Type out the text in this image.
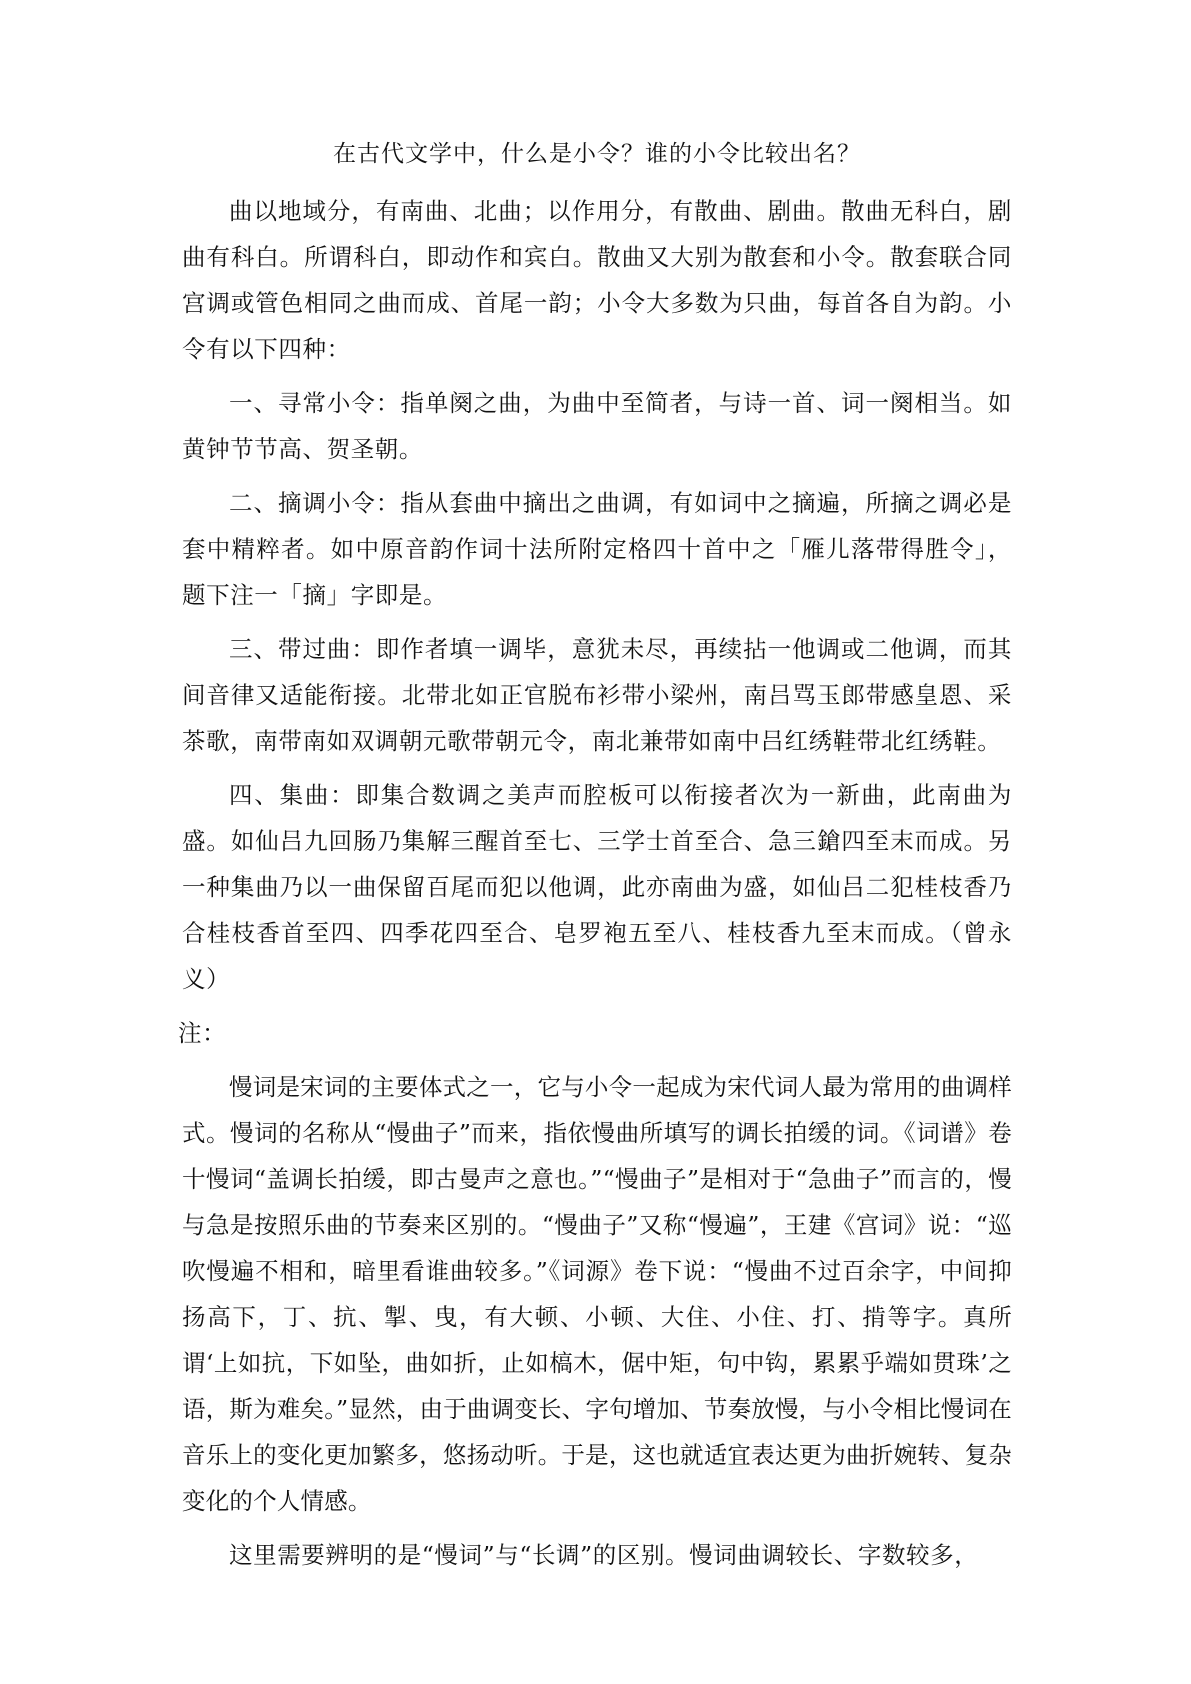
在古代文学中，什么是小令？谁的小令比较出名？

曲以地域分，有南曲、北曲；以作用分，有散曲、剧曲。散曲无科白，剧曲有科白。所谓科白，即动作和宾白。散曲又大别为散套和小令。散套联合同宫调或管色相同之曲而成、首尾一韵；小令大多数为只曲，每首各自为韵。小令有以下四种：

一、寻常小令：指单阕之曲，为曲中至简者，与诗一首、词一阕相当。如黄钟节节高、贺圣朝。

二、摘调小令：指从套曲中摘出之曲调，有如词中之摘遍，所摘之调必是套中精粹者。如中原音韵作词十法所附定格四十首中之「雁儿落带得胜令」，题下注一「摘」字即是。

三、带过曲：即作者填一调毕，意犹未尽，再续拈一他调或二他调，而其间音律又适能衔接。北带北如正官脱布衫带小梁州，南吕骂玉郎带感皇恩、采茶歌，南带南如双调朝元歌带朝元令，南北兼带如南中吕红绣鞋带北红绣鞋。

四、集曲：即集合数调之美声而腔板可以衔接者次为一新曲，此南曲为盛。如仙吕九回肠乃集解三醒首至七、三学士首至合、急三鎗四至末而成。另一种集曲乃以一曲保留百尾而犯以他调，此亦南曲为盛，如仙吕二犯桂枝香乃合桂枝香首至四、四季花四至合、皂罗袍五至八、桂枝香九至末而成。（曾永义）

注：

慢词是宋词的主要体式之一，它与小令一起成为宋代词人最为常用的曲调样式。慢词的名称从“慢曲子”而来，指依慢曲所填写的调长拍缓的词。《词谱》卷十慢词“盖调长拍缓，即古曼声之意也。”“慢曲子”是相对于“急曲子”而言的，慢与急是按照乐曲的节奏来区别的。“慢曲子”又称“慢遍”，王建《宫词》说：“巡吹慢遍不相和，暗里看谁曲较多。”《词源》卷下说：“慢曲不过百余字，中间抑扬高下，丁、抗、掣、曳，有大顿、小顿、大住、小住、打、掯等字。真所谓‘上如抗，下如坠，曲如折，止如槁木，倨中矩，句中钩，累累乎端如贯珠’之语，斯为难矣。”显然，由于曲调变长、字句增加、节奏放慢，与小令相比慢词在音乐上的变化更加繁多，悠扬动听。于是，这也就适宜表达更为曲折婉转、复杂变化的个人情感。

这里需要辨明的是“慢词”与“长调”的区别。慢词曲调较长、字数较多，
